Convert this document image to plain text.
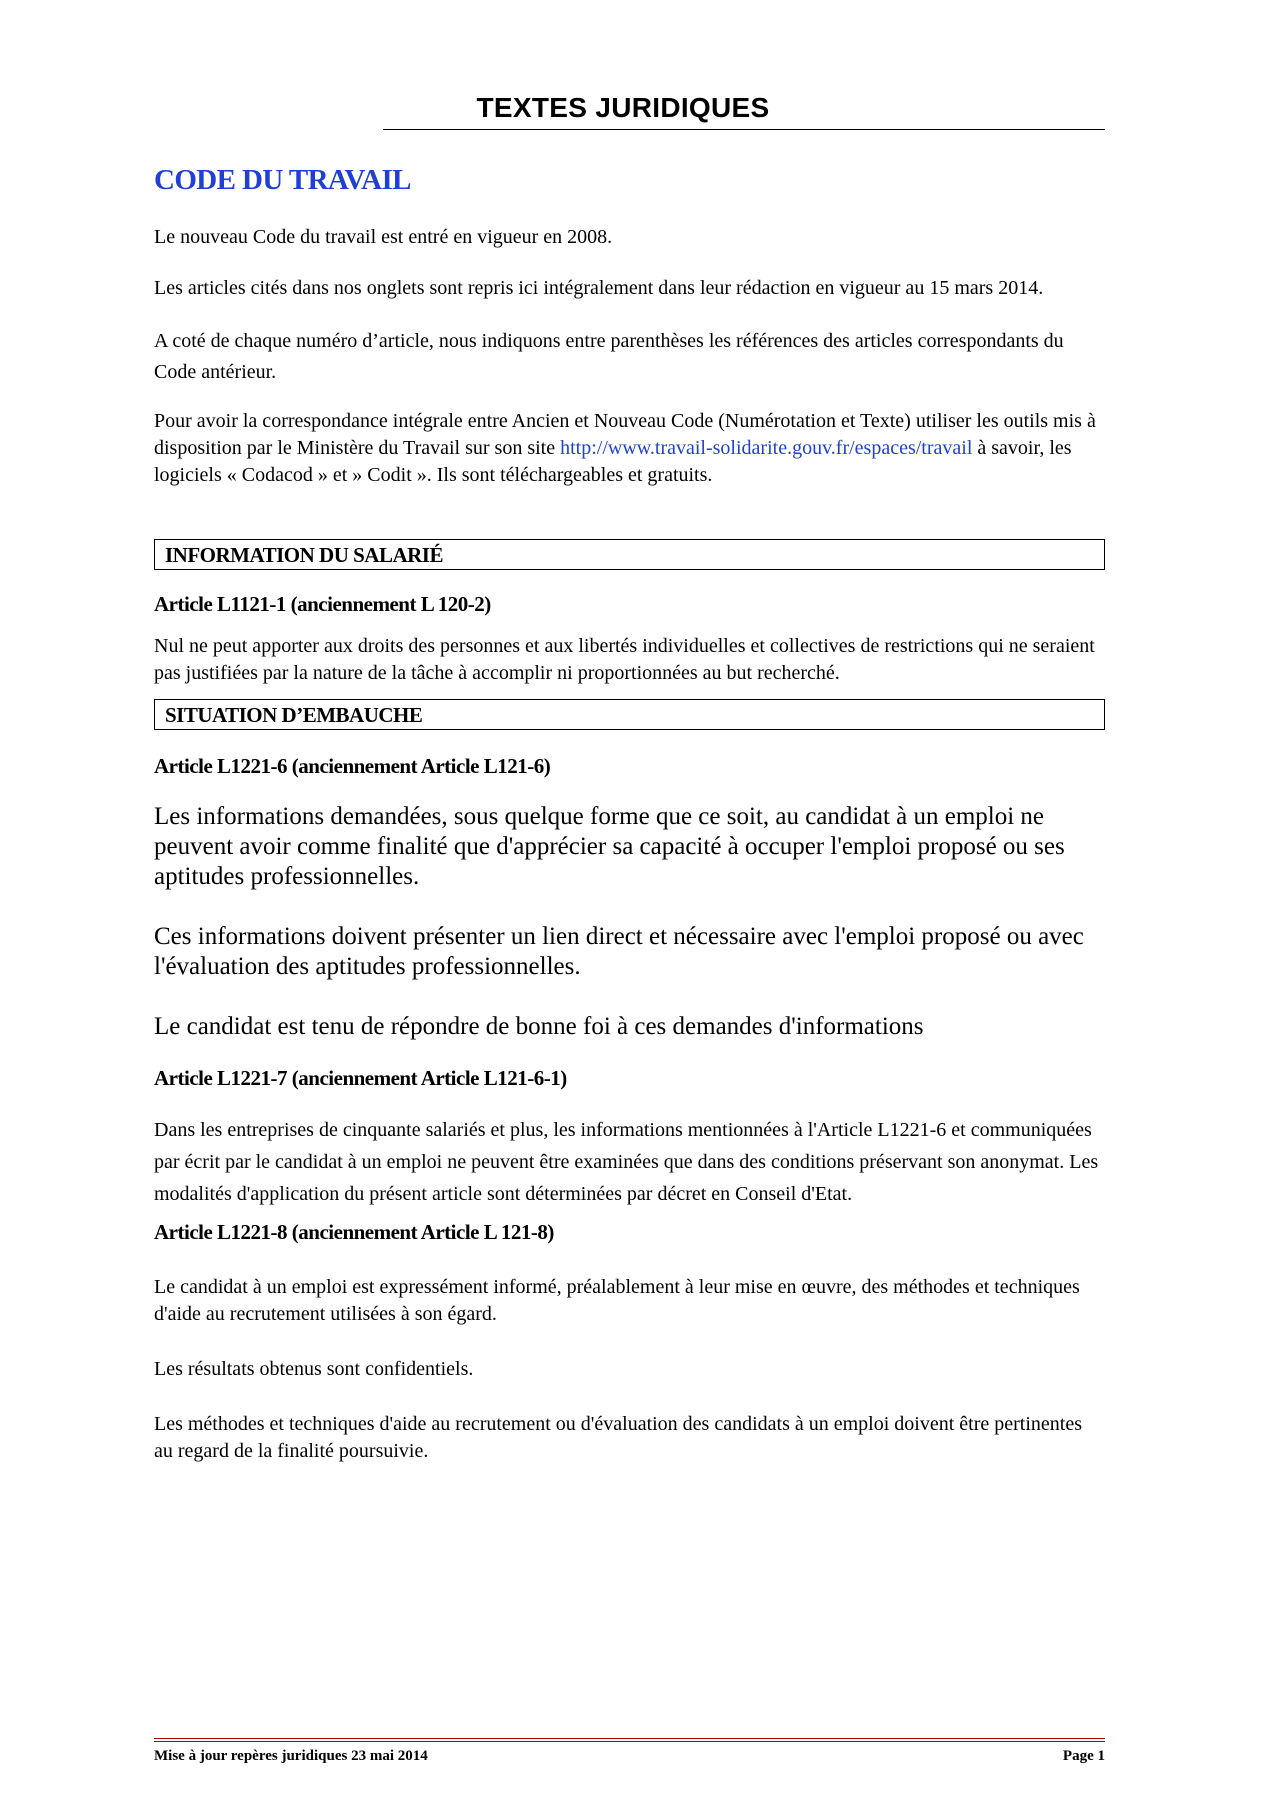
TEXTES JURIDIQUES
CODE DU TRAVAIL

Le nouveau Code du travail est entré en vigueur en 2008.

Les articles cités dans nos onglets sont repris ici intégralement dans leur rédaction en vigueur au 15 mars 2014.

A coté de chaque numéro d’article, nous indiquons entre parenthèses les références des articles correspondants du Code antérieur.

Pour avoir la correspondance intégrale entre Ancien et Nouveau Code (Numérotation et Texte) utiliser les outils mis à disposition par le Ministère du Travail sur son site http://www.travail-solidarite.gouv.fr/espaces/travail à savoir, les logiciels « Codacod » et » Codit ». Ils sont téléchargeables et gratuits.

INFORMATION DU SALARIÉ

Article L1121-1 (anciennement L 120-2)

Nul ne peut apporter aux droits des personnes et aux libertés individuelles et collectives de restrictions qui ne seraient pas justifiées par la nature de la tâche à accomplir ni proportionnées au but recherché.

SITUATION D’EMBAUCHE

Article L1221-6 (anciennement Article L121-6)

Les informations demandées, sous quelque forme que ce soit, au candidat à un emploi ne peuvent avoir comme finalité que d'apprécier sa capacité à occuper l'emploi proposé ou ses aptitudes professionnelles.

Ces informations doivent présenter un lien direct et nécessaire avec l'emploi proposé ou avec l'évaluation des aptitudes professionnelles.

Le candidat est tenu de répondre de bonne foi à ces demandes d'informations

Article L1221-7 (anciennement Article L121-6-1)

Dans les entreprises de cinquante salariés et plus, les informations mentionnées à l'Article L1221-6 et communiquées par écrit par le candidat à un emploi ne peuvent être examinées que dans des conditions préservant son anonymat. Les modalités d'application du présent article sont déterminées par décret en Conseil d'Etat.

Article L1221-8 (anciennement Article L 121-8)

Le candidat à un emploi est expressément informé, préalablement à leur mise en œuvre, des méthodes et techniques d'aide au recrutement utilisées à son égard.

Les résultats obtenus sont confidentiels.

Les méthodes et techniques d'aide au recrutement ou d'évaluation des candidats à un emploi doivent être pertinentes au regard de la finalité poursuivie.

Mise à jour repères juridiques 23 mai 2014	Page 1
